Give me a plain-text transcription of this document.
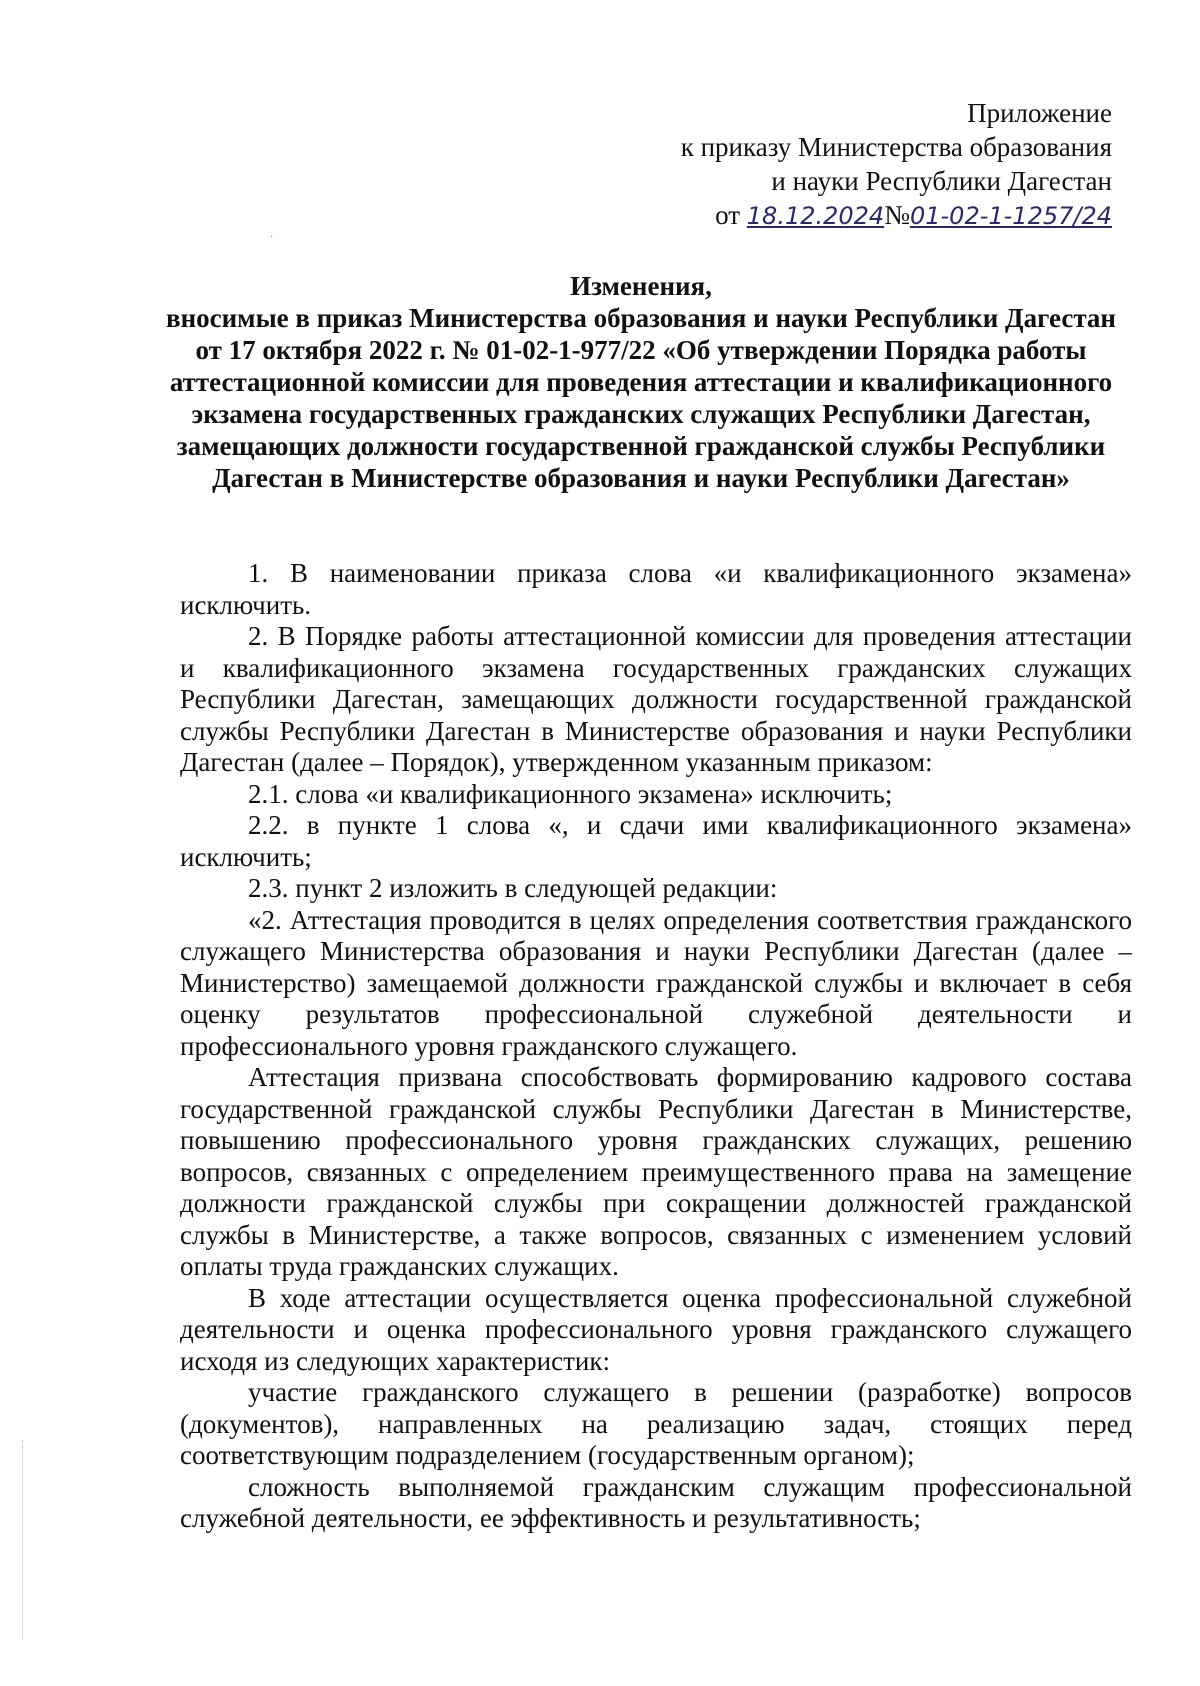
·
Приложение
к приказу Министерства образования
и науки Республики Дагестан
от 18.12.2024№01-02-1-1257/24
Изменения,
вносимые в приказ Министерства образования и науки Республики Дагестан от 17 октября 2022 г. № 01-02-1-977/22 «Об утверждении Порядка работы аттестационной комиссии для проведения аттестации и квалификационного экзамена государственных гражданских служащих Республики Дагестан, замещающих должности государственной гражданской службы Республики Дагестан в Министерстве образования и науки Республики Дагестан»

1. В наименовании приказа слова «и квалификационного экзамена» исключить.

2. В Порядке работы аттестационной комиссии для проведения аттестации и квалификационного экзамена государственных гражданских служащих Республики Дагестан, замещающих должности государственной гражданской службы Республики Дагестан в Министерстве образования и науки Республики Дагестан (далее – Порядок), утвержденном указанным приказом:

2.1. слова «и квалификационного экзамена» исключить;

2.2. в пункте 1 слова «, и сдачи ими квалификационного экзамена» исключить;

2.3. пункт 2 изложить в следующей редакции:

«2. Аттестация проводится в целях определения соответствия гражданского служащего Министерства образования и науки Республики Дагестан (далее – Министерство) замещаемой должности гражданской службы и включает в себя оценку результатов профессиональной служебной деятельности и профессионального уровня гражданского служащего.

Аттестация призвана способствовать формированию кадрового состава государственной гражданской службы Республики Дагестан в Министерстве, повышению профессионального уровня гражданских служащих, решению вопросов, связанных с определением преимущественного права на замещение должности гражданской службы при сокращении должностей гражданской службы в Министерстве, а также вопросов, связанных с изменением условий оплаты труда гражданских служащих.

В ходе аттестации осуществляется оценка профессиональной служебной деятельности и оценка профессионального уровня гражданского служащего исходя из следующих характеристик:

участие гражданского служащего в решении (разработке) вопросов (документов), направленных на реализацию задач, стоящих перед соответствующим подразделением (государственным органом);

сложность выполняемой гражданским служащим профессиональной служебной деятельности, ее эффективность и результативность;
